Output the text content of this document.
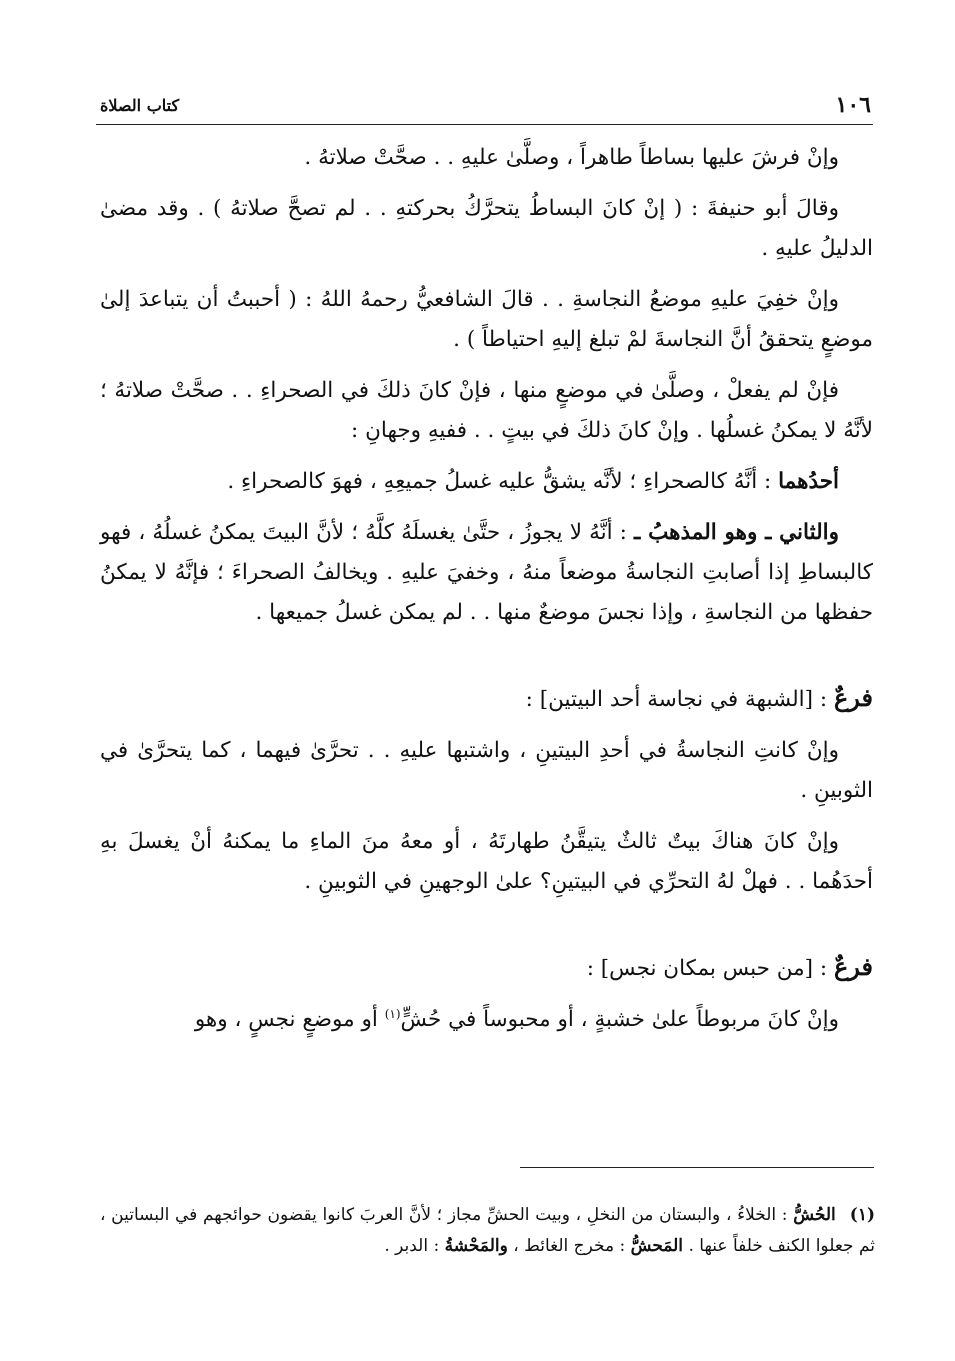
١٠٦
كتاب الصلاة

وإنْ فرشَ عليها بساطاً طاهراً ، وصلَّىٰ عليهِ . . صحَّتْ صلاتهُ .

وقالَ أبو حنيفةَ : ( إنْ كانَ البساطُ يتحرَّكُ بحركتهِ . . لم تصحَّ صلاتهُ ) . وقد مضىٰ الدليلُ عليهِ .

وإنْ خفِيَ عليهِ موضعُ النجاسةِ . . قالَ الشافعيُّ رحمهُ اللهُ : ( أحببتُ أن يتباعدَ إلىٰ موضعٍ يتحققُ أنَّ النجاسةَ لمْ تبلغ إليهِ احتياطاً ) .

فإنْ لم يفعلْ ، وصلَّىٰ في موضعٍ منها ، فإنْ كانَ ذلكَ في الصحراءِ . . صحَّتْ صلاتهُ ؛ لأنَّهُ لا يمكنُ غسلُها . وإنْ كانَ ذلكَ في بيتٍ . . ففيهِ وجهانِ :

أحدُهما : أنَّهُ كالصحراءِ ؛ لأنَّه يشقُّ عليه غسلُ جميعِهِ ، فهوَ كالصحراءِ .

والثاني ـ وهو المذهبُ ـ : أنَّهُ لا يجوزُ ، حتَّىٰ يغسلَهُ كلَّهُ ؛ لأنَّ البيتَ يمكنُ غسلُهُ ، فهو كالبساطِ إذا أصابتِ النجاسةُ موضعاً منهُ ، وخفيَ عليهِ . ويخالفُ الصحراءَ ؛ فإنَّهُ لا يمكنُ حفظها من النجاسةِ ، وإذا نجسَ موضعٌ منها . . لم يمكن غسلُ جميعها .

فرعٌ : [الشبهة في نجاسة أحد البيتين] :

وإنْ كانتِ النجاسةُ في أحدِ البيتينِ ، واشتبها عليهِ . . تحرَّىٰ فيهما ، كما يتحرَّىٰ في الثوبينِ .

وإنْ كانَ هناكَ بيتٌ ثالثٌ يتيقَّنُ طهارتَهُ ، أو معهُ منَ الماءِ ما يمكنهُ أنْ يغسلَ بهِ أحدَهُما . . فهلْ لهُ التحرِّي في البيتينِ؟ علىٰ الوجهينِ في الثوبينِ .

فرعٌ : [من حبس بمكان نجس] :

وإنْ كانَ مربوطاً علىٰ خشبةٍ ، أو محبوساً في حُشٍّ$^{(١)}$ أو موضعٍ نجسٍ ، وهو

(١)الحُشُّ : الخلاءُ ، والبستان من النخلِ ، وبيت الحشِّ مجاز ؛ لأنَّ العربَ كانوا يقضون حوائجهم في البساتين ، ثم جعلوا الكنف خلفاً عنها . المَحشُّ : مخرج الغائط ، والمَحْشةُ : الدبر .
